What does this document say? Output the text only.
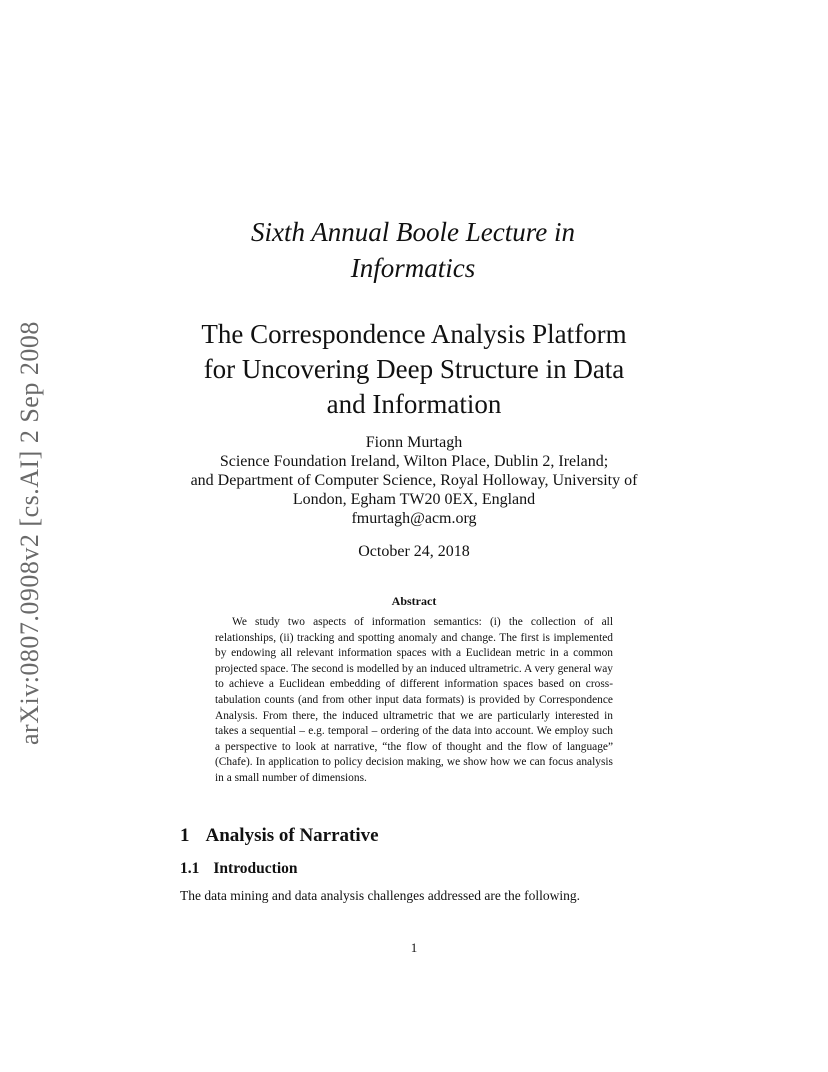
arXiv:0807.0908v2 [cs.AI] 2 Sep 2008
Sixth Annual Boole Lecture in
Informatics
The Correspondence Analysis Platform
for Uncovering Deep Structure in Data
and Information
Fionn Murtagh
Science Foundation Ireland, Wilton Place, Dublin 2, Ireland;
and Department of Computer Science, Royal Holloway, University of
London, Egham TW20 0EX, England
fmurtagh@acm.org
October 24, 2018
Abstract

We study two aspects of information semantics: (i) the collection of all relationships, (ii) tracking and spotting anomaly and change. The first is implemented by endowing all relevant information spaces with a Euclidean metric in a common projected space. The second is modelled by an induced ultrametric. A very general way to achieve a Euclidean embedding of different information spaces based on cross-tabulation counts (and from other input data formats) is provided by Correspondence Analysis. From there, the induced ultrametric that we are particularly interested in takes a sequential – e.g. temporal – ordering of the data into account. We employ such a perspective to look at narrative, “the flow of thought and the flow of language” (Chafe). In application to policy decision making, we show how we can focus analysis in a small number of dimensions.

1 Analysis of Narrative
1.1 Introduction

The data mining and data analysis challenges addressed are the following.

1
